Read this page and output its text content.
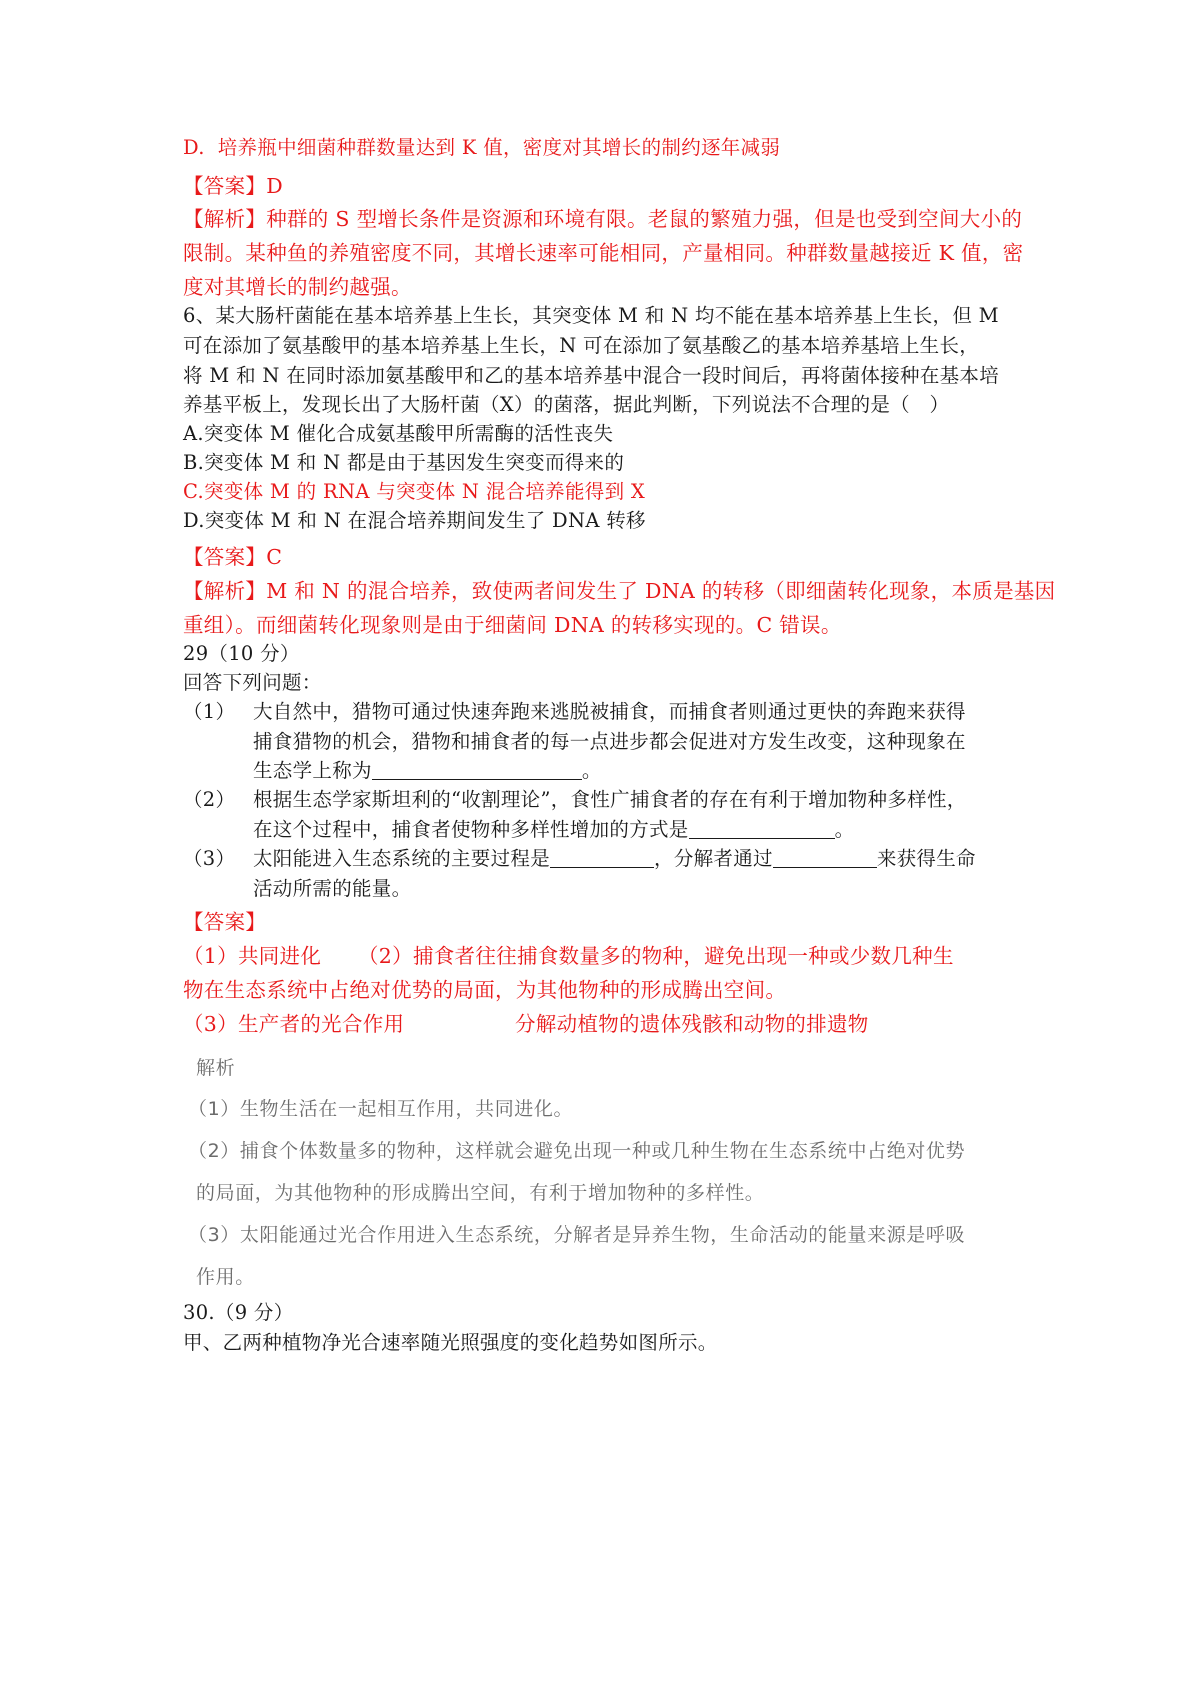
D.  培养瓶中细菌种群数量达到 K 值，密度对其增长的制约逐年减弱
【答案】D
【解析】种群的 S 型增长条件是资源和环境有限。老鼠的繁殖力强，但是也受到空间大小的
限制。某种鱼的养殖密度不同，其增长速率可能相同，产量相同。种群数量越接近 K 值，密
度对其增长的制约越强。
6、某大肠杆菌能在基本培养基上生长，其突变体 M 和 N 均不能在基本培养基上生长，但 M
可在添加了氨基酸甲的基本培养基上生长，N 可在添加了氨基酸乙的基本培养基培上生长，
将 M 和 N 在同时添加氨基酸甲和乙的基本培养基中混合一段时间后，再将菌体接种在基本培
养基平板上，发现长出了大肠杆菌（X）的菌落，据此判断，下列说法不合理的是（   ）
A.突变体 M 催化合成氨基酸甲所需酶的活性丧失
B.突变体 M 和 N 都是由于基因发生突变而得来的
C.突变体 M 的 RNA 与突变体 N 混合培养能得到 X
D.突变体 M 和 N 在混合培养期间发生了 DNA 转移
【答案】C
【解析】M 和 N 的混合培养，致使两者间发生了 DNA 的转移（即细菌转化现象，本质是基因
重组）。而细菌转化现象则是由于细菌间 DNA 的转移实现的。C 错误。
29（10 分）
回答下列问题：
（1） 大自然中，猎物可通过快速奔跑来逃脱被捕食，而捕食者则通过更快的奔跑来获得
捕食猎物的机会，猎物和捕食者的每一点进步都会促进对方发生改变，这种现象在
生态学上称为	。
（2） 根据生态学家斯坦利的“收割理论”，食性广捕食者的存在有利于增加物种多样性，
在这个过程中，捕食者使物种多样性增加的方式是	。
（3） 太阳能进入生态系统的主要过程是	，分解者通过	来获得生命
活动所需的能量。
【答案】
（1）共同进化 （2）捕食者往往捕食数量多的物种，避免出现一种或少数几种生
物在生态系统中占绝对优势的局面，为其他物种的形成腾出空间。
（3）生产者的光合作用	分解动植物的遗体残骸和动物的排遗物
解析
（1）生物生活在一起相互作用，共同进化。
（2）捕食个体数量多的物种，这样就会避免出现一种或几种生物在生态系统中占绝对优势
的局面，为其他物种的形成腾出空间，有利于增加物种的多样性。
（3）太阳能通过光合作用进入生态系统，分解者是异养生物，生命活动的能量来源是呼吸
作用。
30.（9 分）
甲、乙两种植物净光合速率随光照强度的变化趋势如图所示。
